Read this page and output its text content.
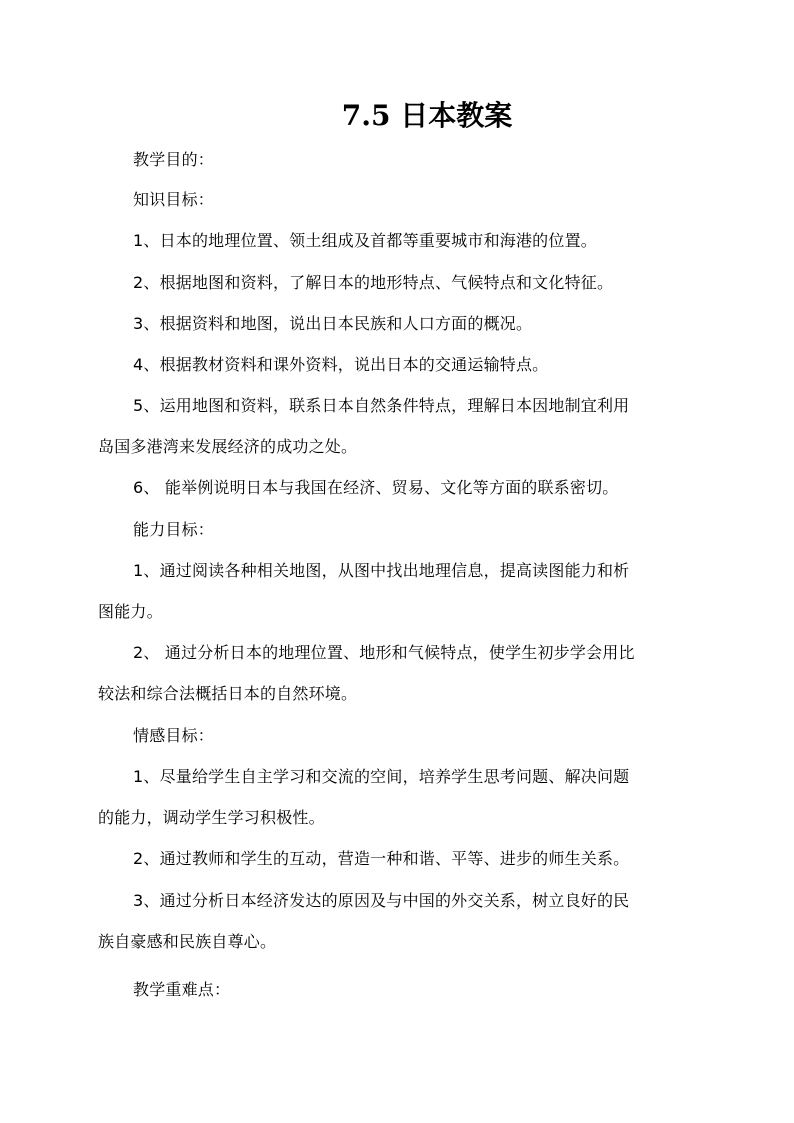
7.5 日本教案
教学目的：
知识目标：
1、日本的地理位置、领土组成及首都等重要城市和海港的位置。
2、根据地图和资料，了解日本的地形特点、气候特点和文化特征。
3、根据资料和地图，说出日本民族和人口方面的概况。
4、根据教材资料和课外资料，说出日本的交通运输特点。
5、运用地图和资料，联系日本自然条件特点，理解日本因地制宜利用
岛国多港湾来发展经济的成功之处。
6、 能举例说明日本与我国在经济、贸易、文化等方面的联系密切。
能力目标：
1、通过阅读各种相关地图，从图中找出地理信息，提高读图能力和析
图能力。
2、 通过分析日本的地理位置、地形和气候特点，使学生初步学会用比
较法和综合法概括日本的自然环境。
情感目标：
1、尽量给学生自主学习和交流的空间，培养学生思考问题、解决问题
的能力，调动学生学习积极性。
2、通过教师和学生的互动，营造一种和谐、平等、进步的师生关系。
3、通过分析日本经济发达的原因及与中国的外交关系，树立良好的民
族自豪感和民族自尊心。
教学重难点：
